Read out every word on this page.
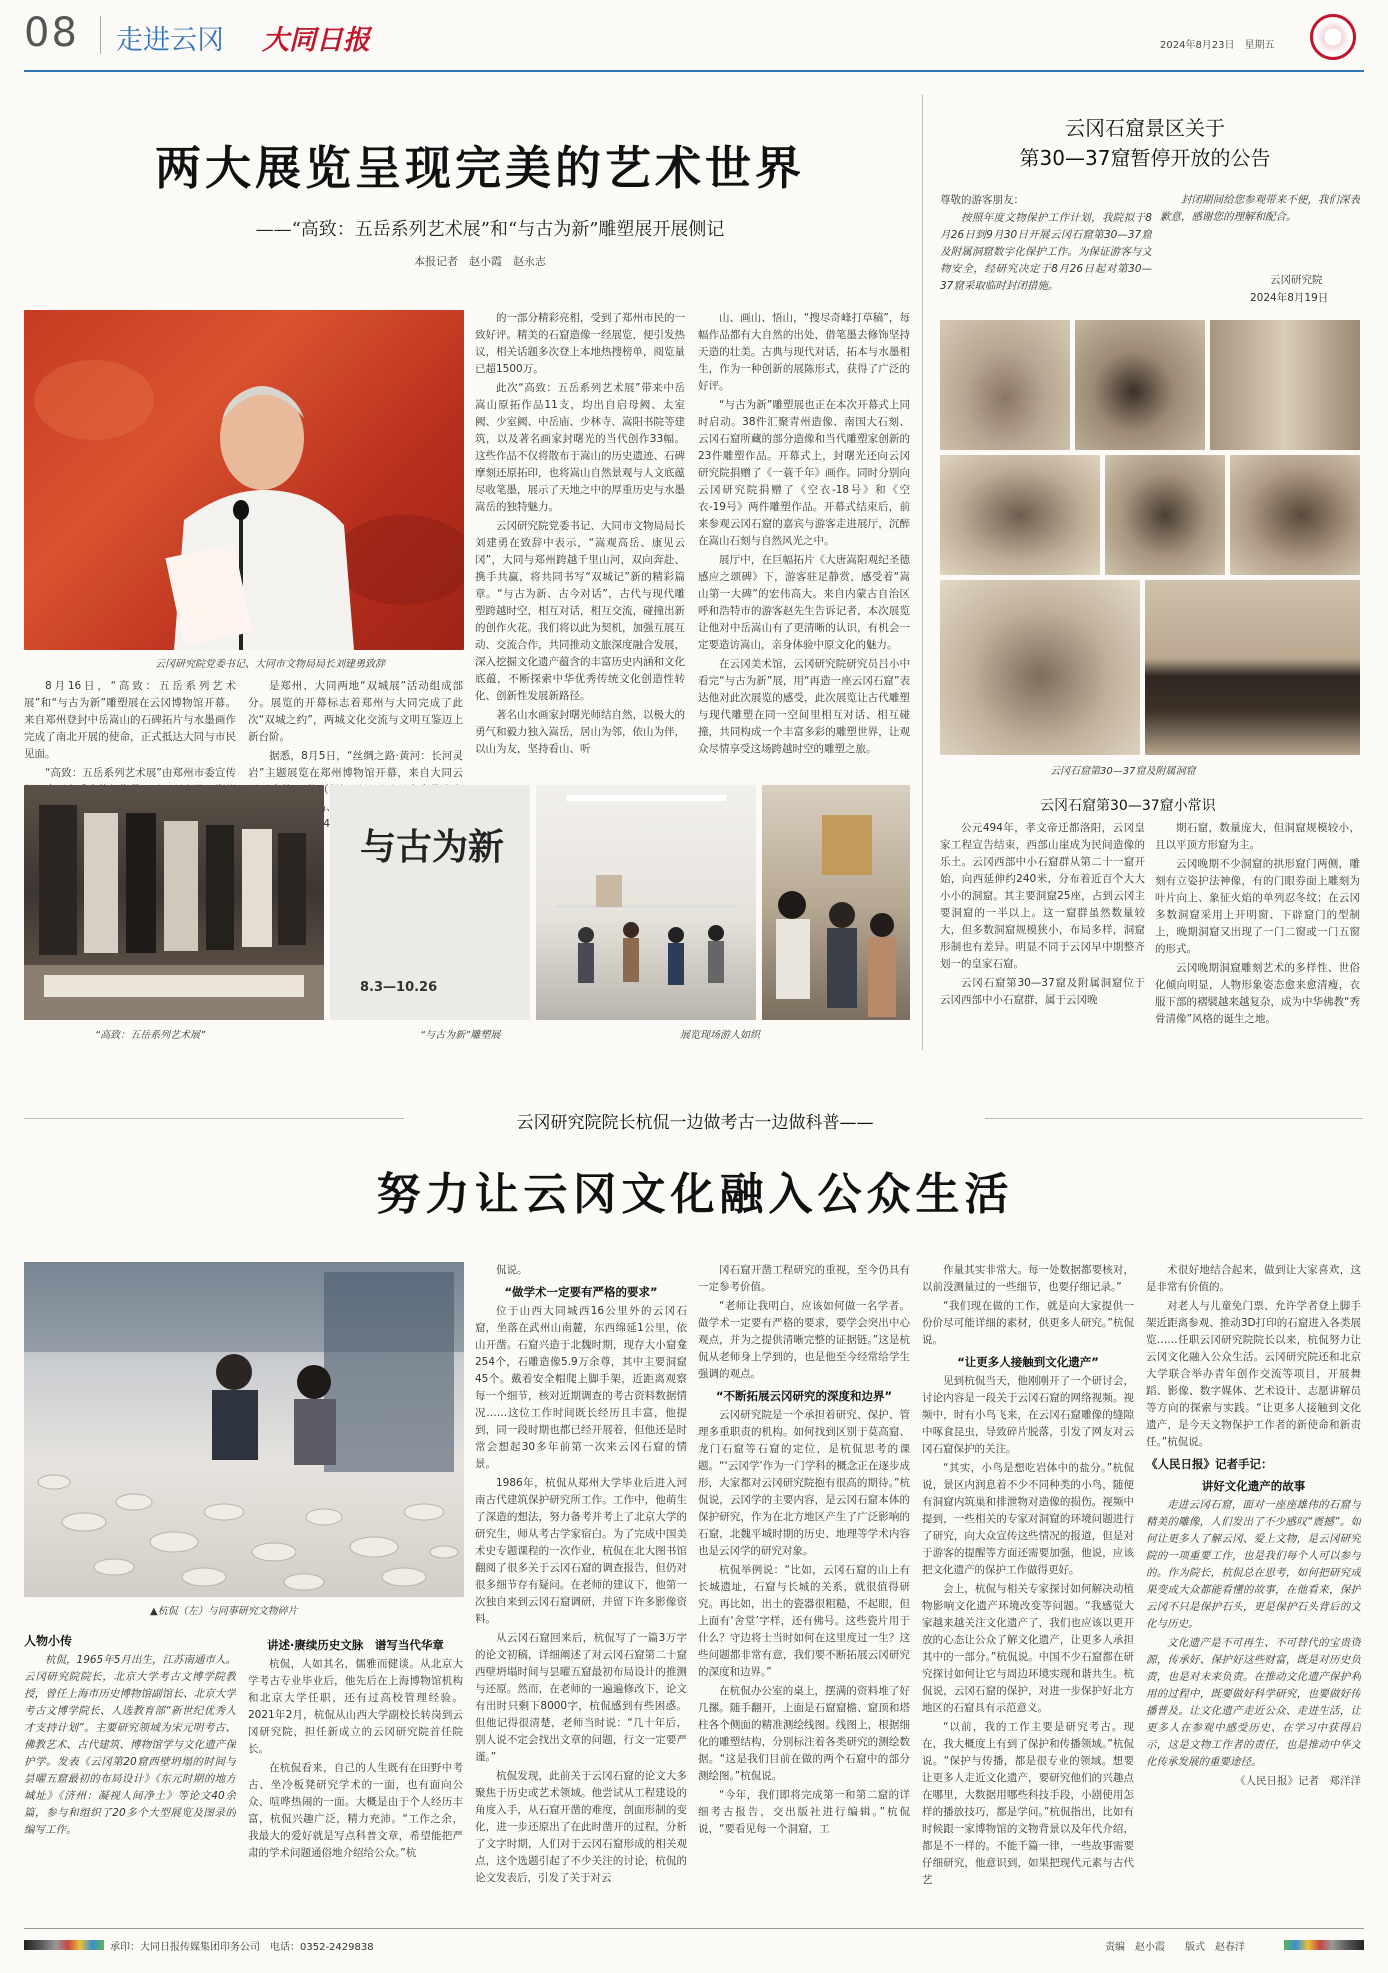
08 走进云冈 大同日报	2024年8月23日　星期五
两大展览呈现完美的艺术世界
——“高致：五岳系列艺术展”和“与古为新”雕塑展开展侧记
本报记者　赵小霞　赵永志
云冈研究院党委书记、大同市文物局局长刘建勇致辞

8月16日，“高致：五岳系列艺术展”和“与古为新”雕塑展在云冈博物馆开幕。来自郑州登封中岳嵩山的石碑拓片与水墨画作完成了南北开展的使命，正式抵达大同与市民见面。

“高致：五岳系列艺术展”由郑州市委宣传

是郑州、大同两地“双城展”活动组成部分。展览的开幕标志着郑州与大同完成了此次“双城之约”，两城文化交流与文明互鉴迈上新台阶。

据悉，8月5日，“丝绸之路·黄河：长河灵岩”主题展览在郑州博物馆开幕，来自大同云 印展品、相关 024中

的一部分精彩亮相，受到了郑州市民的一致好评。精美的石窟造像一经展览，便引发热议，相关话题多次登上本地热搜榜单，阅览量已超1500万。

此次“高致：五岳系列艺术展”带来中岳嵩山原拓作品11支，均出自启母阙、太室阙、少室阙、中岳庙、少林寺、嵩阳书院等建筑，以及著名画家封曙光的当代创作33幅。这些作品不仅将散布于嵩山的历史遗迹、石碑摩刻还原拓印，也将嵩山自然景观与人文底蕴尽收笔墨，展示了天地之中的厚重历史与水墨嵩岳的独特魅力。

云冈研究院党委书记、大同市文物局局长刘建勇在致辞中表示，“嵩观高岳、康见云冈”，大同与郑州跨越千里山河，双向奔赴、携手共赢，将共同书写“双城记”新的精彩篇章。“与古为新、古今对话”，古代与现代雕塑跨越时空，相互对话，相互交流，碰撞出新的创作火花。我们将以此为契机，加强互展互动、交流合作，共同推动文旅深度融合发展，深入挖掘文化遗产蕴含的丰富历史内涵和文化底蕴，不断探索中华优秀传统文化创造性转化、创新性发展新路径。

著名山水画家封曙光师结自然，以极大的勇气和毅力独入嵩岳，居山为邻，依山为伴，以山为友，坚持看山、听

山、画山、悟山，“搜尽奇峰打草稿”，每幅作品都有大自然的出处，借笔墨去修饰坚持天造的壮美。古典与现代对话，拓本与水墨相生，作为一种创新的展陈形式，获得了广泛的好评。

“与古为新”雕塑展也正在本次开幕式上同时启动。38件汇聚青州造像、南国大石刻、云冈石窟所藏的部分造像和当代雕塑家创新的23件雕塑作品。开幕式上，封曙光还向云冈研究院捐赠了《一蓑千年》画作。同时分别向云冈研究院捐赠了《空衣-18号》和《空衣-19号》两件雕塑作品。开幕式结束后，前来参观云冈石窟的嘉宾与游客走进展厅，沉醉在嵩山石刻与自然风光之中。

展厅中，在巨幅拓片《大唐嵩阳观纪圣德感应之颂碑》下，游客驻足静赏，感受着“嵩山第一大碑”的宏伟高大。来自内蒙古自治区呼和浩特市的游客赵先生告诉记者，本次展览让他对中岳嵩山有了更清晰的认识，有机会一定要造访嵩山，亲身体验中原文化的魅力。

在云冈美术馆，云冈研究院研究员吕小中看完“与古为新”展，用“再造一座云冈石窟”表达他对此次展览的感受，此次展览让古代雕塑与现代雕塑在同一空间里相互对话、相互碰撞，共同构成一个丰富多彩的雕塑世界，让观众尽情享受这场跨越时空的雕塑之旅。

与古为新
8.3—10.26
“高致：五岳系列艺术展”	“与古为新”雕塑展	展览现场游人如织
云冈石窟景区关于
第30—37窟暂停开放的公告
尊敬的游客朋友：

按照年度文物保护工作计划，我院拟于8月26日到9月30日开展云冈石窟第30—37窟及附属洞窟数字化保护工作。为保证游客与文物安全，经研究决定于8月26日起对第30—37窟采取临时封闭措施。

封闭期间给您参观带来不便，我们深表歉意，感谢您的理解和配合。

云冈研究院
2024年8月19日
云冈石窟第30—37窟及附属洞窟
云冈石窟第30—37窟小常识

公元494年，孝文帝迁都洛阳，云冈皇家工程宣告结束，西部山崖成为民间造像的乐土。云冈西部中小石窟群从第二十一窟开始，向西延伸约240米，分布着近百个大大小小的洞窟。其主要洞窟25座，占到云冈主要洞窟的一半以上。这一窟群虽然数量较大，但多数洞窟规模狭小，布局多样，洞窟形制也有差异。明显不同于云冈早中期整齐划一的皇家石窟。

云冈石窟第30—37窟及附属洞窟位于云冈西部中小石窟群，属于云冈晚

期石窟，数量庞大，但洞窟规模较小，且以平顶方形窟为主。

云冈晚期不少洞窟的拱形窟门两侧，雕刻有立姿护法神像，有的门眼券面上雕刻为叶片向上、象征火焰的单列忍冬纹；在云冈多数洞窟采用上开明窗、下辟窟门的型制上，晚期洞窟又出现了一门二窗或一门五窗的形式。

云冈晚期洞窟雕刻艺术的多样性、世俗化倾向明显，人物形象姿态愈来愈清瘦，衣服下部的褶襞越来越复杂，成为中华佛教“秀骨清像”风格的诞生之地。

云冈研究院院长杭侃一边做考古一边做科普——
努力让云冈文化融入公众生活
▲杭侃（左）与同事研究文物碎片
人物小传

杭侃，1965年5月出生，江苏南通市人。云冈研究院院长，北京大学考古文博学院教授，曾任上海市历史博物馆副馆长、北京大学考古文博学院长、人选教育部“新世纪优秀人才支持计划”。主要研究领域为宋元明考古、佛教艺术、古代建筑、博物馆学与文化遗产保护学。发表《云冈第20窟西壁坍塌的时间与昙曜五窟最初的布局设计》《东元时期的地方城址》《济州：凝视人间净土》等论文40余篇，参与和组织了20多个大型展览及图录的编写工作。

讲述·赓续历史文脉　谱写当代华章

杭侃，人如其名，儒雅而健谈。从北京大学考古专业毕业后，他先后在上海博物馆机构和北京大学任职，还有过高校管理经验。2021年2月，杭侃从山西大学副校长转岗到云冈研究院，担任新成立的云冈研究院首任院长。

在杭侃看来，自己的人生既有在田野中考古、坐冷板凳研究学术的一面，也有面向公众、喧哗热闹的一面。大概是由于个人经历丰富，杭侃兴趣广泛，精力充沛。“工作之余，我最大的爱好就是写点科普文章，希望能把严肃的学术问题通俗地介绍给公众。”杭

侃说。

“做学术一定要有严格的要求”

位于山西大同城西16公里外的云冈石窟，坐落在武州山南麓，东西绵延1公里，依山开凿。石窟兴造于北魏时期，现存大小窟龛254个，石雕造像5.9万余尊，其中主要洞窟45个。戴着安全帽爬上脚手架，近距离观察每一个细节，核对近期调查的考古资料数据情况……这位工作时间既长经历且丰富，他提到，同一段时期也都已经开展着，但他还是时常会想起30多年前第一次来云冈石窟的情景。

1986年，杭侃从郑州大学毕业后进入河南古代建筑保护研究所工作。工作中，他萌生了深造的想法，努力备考并考上了北京大学的研究生，师从考古学家宿白。为了完成中国美术史专题课程的一次作业，杭侃在北大图书馆翻阅了很多关于云冈石窟的调查报告，但仍对很多细节存有疑问。在老师的建议下，他第一次独自来到云冈石窟调研，并留下许多影像资料。

从云冈石窟回来后，杭侃写了一篇3万字的论文初稿，详细阐述了对云冈石窟第二十窟西壁坍塌时间与昙曜五窟最初布局设计的推测与还原。然而，在老师的一遍遍修改下，论文有出时只剩下8000字，杭侃感到有些困惑。但他记得很清楚，老师当时说：“几十年后，别人说不定会找出文章的问题，行文一定要严谨。”

杭侃发现，此前关于云冈石窟的论文大多聚焦于历史或艺术领域。他尝试从工程建设的角度入手，从石窟开凿的难度，剖面形制的变化，进一步还原出了在此时凿开的过程，分析了文字时期，人们对于云冈石窟形成的相关观点，这个选题引起了不少关注的讨论，杭侃的论文发表后，引发了关于对云

冈石窟开凿工程研究的重视，至今仍具有一定参考价值。

“老师让我明白，应该如何做一名学者。做学术一定要有严格的要求，要学会突出中心观点，并为之提供清晰完整的证据链。”这是杭侃从老师身上学到的，也是他至今经常给学生强调的观点。

“不断拓展云冈研究的深度和边界”

云冈研究院是一个承担着研究、保护、管理多重职责的机构。如何找到区别于莫高窟、龙门石窟等石窟的定位，是杭侃思考的课题。“‘云冈学’作为一门学科的概念正在逐步成形，大家都对云冈研究院抱有很高的期待。”杭侃说，云冈学的主要内容，是云冈石窟本体的保护研究，作为在北方地区产生了广泛影响的石窟，北魏平城时期的历史、地理等学术内容也是云冈学的研究对象。

杭侃举例说：“比如，云冈石窟的山上有长城遗址，石窟与长城的关系，就很值得研究。再比如，出土的瓷器很粗糙，不起眼，但上面有‘舍堂’字样，还有佛号。这些瓷片用于什么？守边将士当时如何在这里度过一生？这些问题都非常有意，我们要不断拓展云冈研究的深度和边界。”

在杭侃办公室的桌上，摆满的资料堆了好几摞。随手翻开，上面是石窟窟檐、窟顶和塔柱各个侧面的精准测绘线图。线图上，根据细化的雕塑结构，分别标注着各类研究的测绘数据。“这是我们目前在做的两个石窟中的部分测绘图。”杭侃说。

“今年，我们即将完成第一和第二窟的详细考古报告，交出版社进行编辑。”杭侃说，“要看见每一个洞窟，工

作量其实非常大。每一处数据都要核对，以前没测量过的一些细节，也要仔细记录。”

“我们现在做的工作，就是向大家提供一份价尽可能详细的素材，供更多人研究。”杭侃说。

“让更多人接触到文化遗产”

见到杭侃当天，他刚刚开了一个研讨会，讨论内容是一段关于云冈石窟的网络视频。视频中，时有小鸟飞来，在云冈石窟雕像的缝隙中啄食昆虫，导致碎片脱落，引发了网友对云冈石窟保护的关注。

“其实，小鸟是想吃岩体中的盐分。”杭侃说，景区内润息着不少不同种类的小鸟，随便有洞窟内筑巢和排泄物对造像的损伤。视频中提到，一些相关的专家对洞窟的环境问题进行了研究，向大众宣传这些情况的报道，但是对于游客的提醒等方面还需要加强，他说，应该把文化遗产的保护工作做得更好。

会上，杭侃与相关专家探讨如何解决动植物影响文化遗产环境改变等问题。“我感觉大家越来越关注文化遗产了，我们也应该以更开放的心态让公众了解文化遗产，让更多人承担其中的一部分。”杭侃说。中国不少石窟都在研究探讨如何让它与周边环境实现和谐共生。杭侃说，云冈石窟的保护，对进一步保护好北方地区的石窟具有示范意义。

“以前，我的工作主要是研究考古。现在，我大概度上有到了保护和传播领域。”杭侃说。“保护与传播，都是很专业的领域。想要让更多人走近文化遗产，要研究他们的兴趣点在哪里，大数据用哪些科技手段，小剧使用怎样的播放技巧，都是学问。”杭侃指出，比如有时候跟一家博物馆的文物背景以及年代介绍，都是不一样的。不能千篇一律，一些故事需要仔细研究，他意识到，如果把现代元素与古代艺

术很好地结合起来，做到让大家喜欢，这是非常有价值的。

对老人与儿童免门票、允许学者登上脚手架近距离参观、推动3D打印的石窟进入各类展览……任职云冈研究院院长以来，杭侃努力让云冈文化融入公众生活。云冈研究院还和北京大学联合举办青年创作交流等项目，开展舞蹈、影像、数字媒体、艺术设计、志愿讲解员等方向的探索与实践。“让更多人接触到文化遗产，是今天文物保护工作者的新使命和新责任。”杭侃说。

《人民日报》记者手记：

讲好文化遗产的故事

走进云冈石窟，面对一座座雄伟的石窟与精美的雕像，人们发出了不少感叹“震撼”。如何让更多人了解云冈、爱上文物，是云冈研究院的一项重要工作，也是我们每个人可以参与的。作为院长，杭侃总在思考，如何把研究成果变成大众都能看懂的故事，在他看来，保护云冈不只是保护石头，更是保护石头背后的文化与历史。

文化遗产是不可再生、不可替代的宝贵资源，传承好、保护好这些财富，既是对历史负责，也是对未来负责。在推动文化遗产保护利用的过程中，既要做好科学研究，也要做好传播普及。让文化遗产走近公众、走进生活，让更多人在参观中感受历史、在学习中获得启示，这是文物工作者的责任，也是推动中华文化传承发展的重要途径。

《人民日报》记者　郑洋洋

承印：大同日报传媒集团印务公司　电话：0352-2429838	责编　赵小霞　　版式　赵春洋
